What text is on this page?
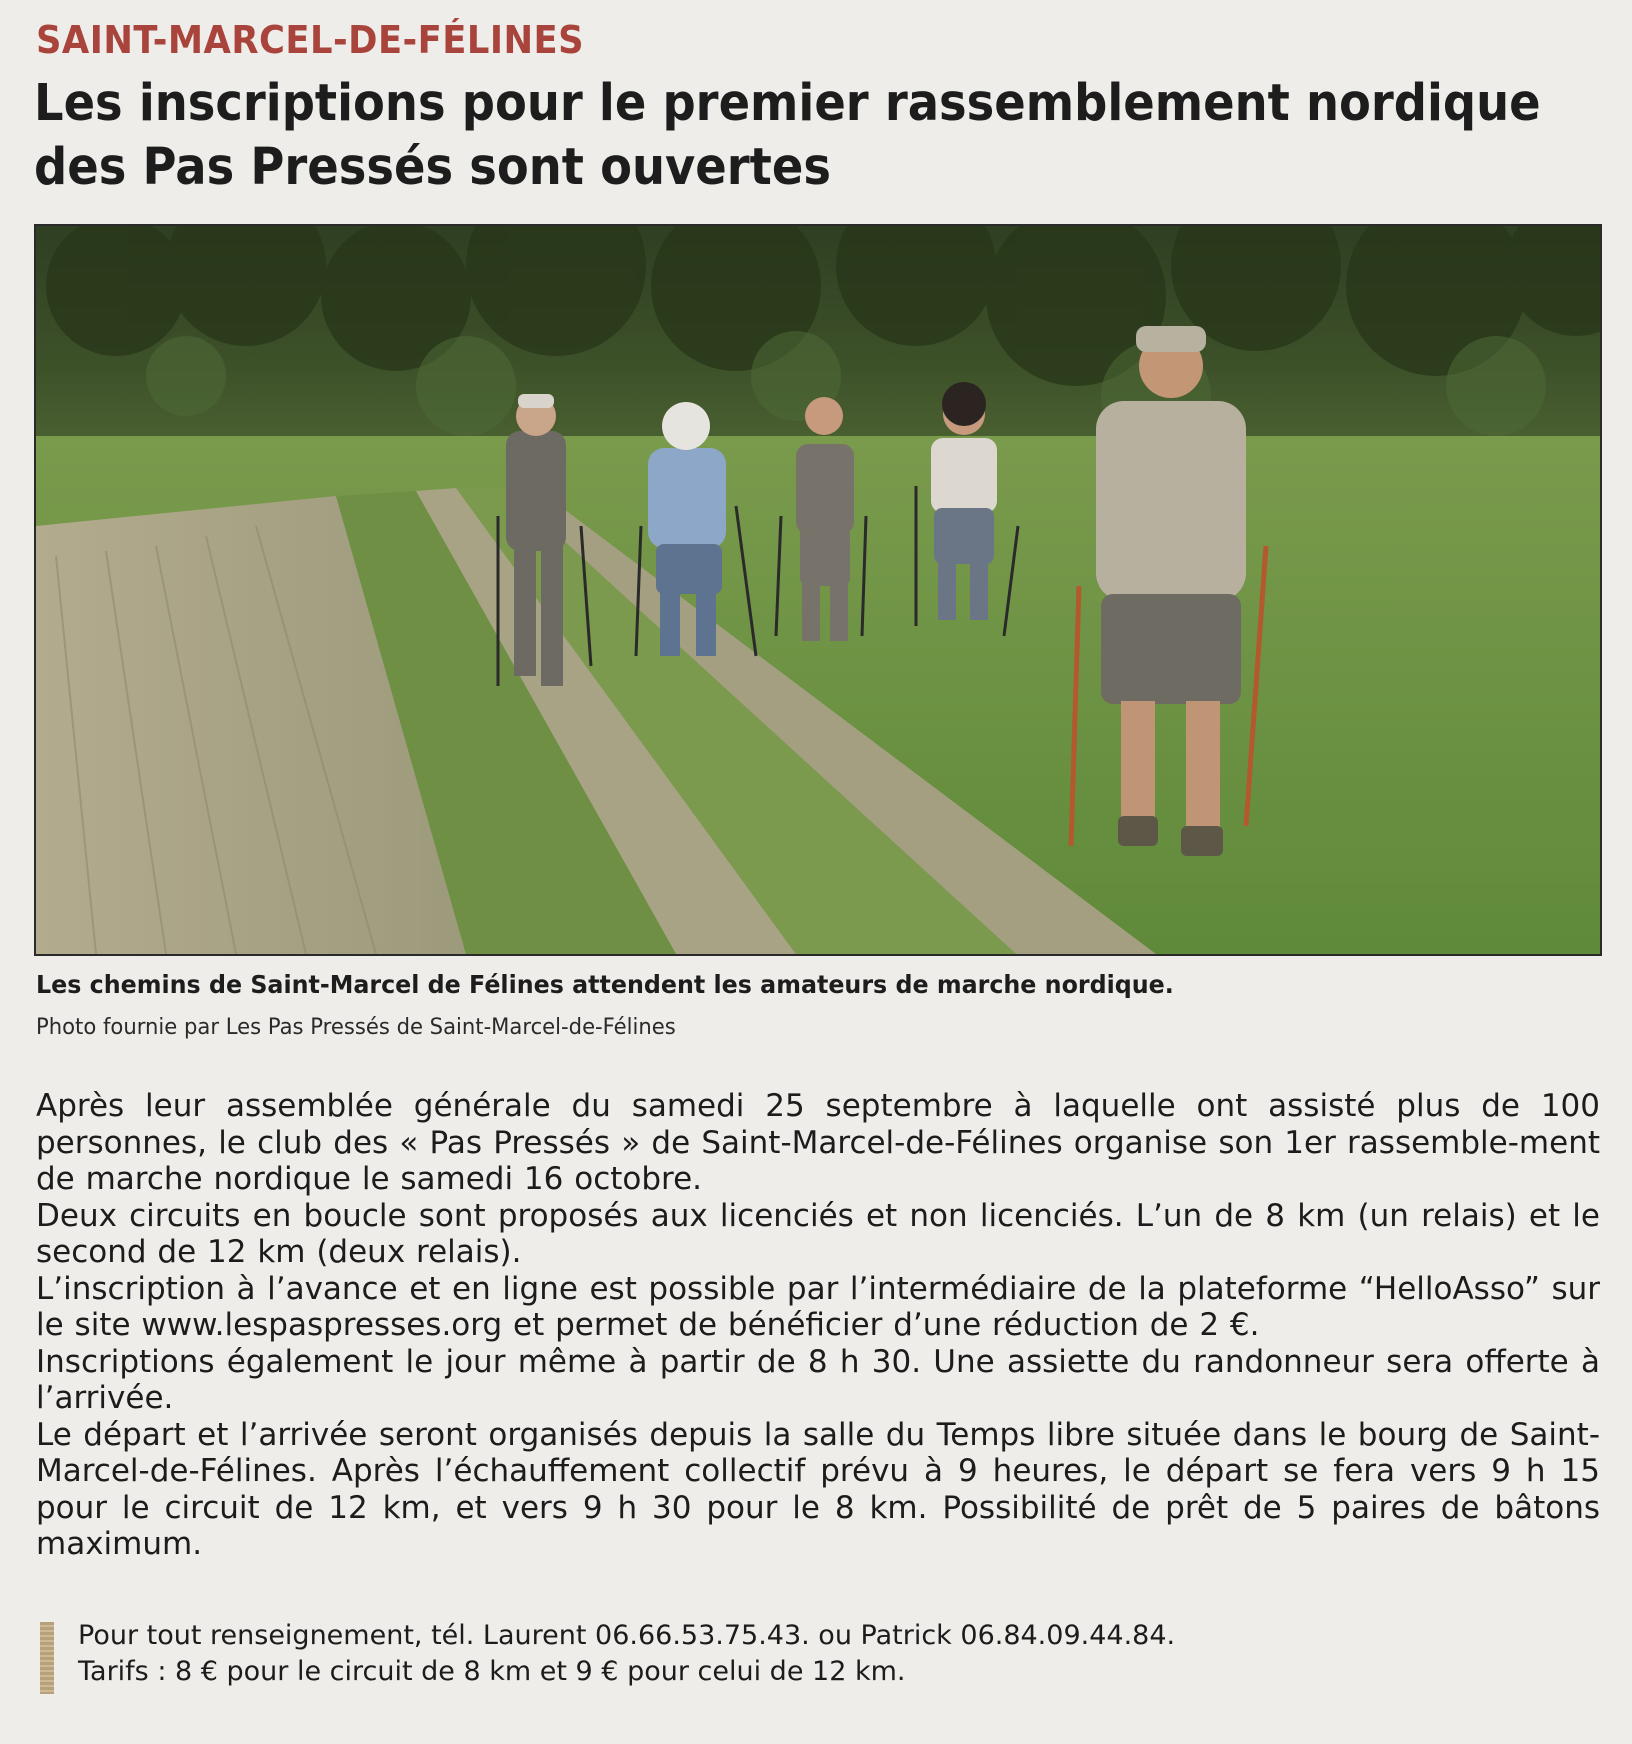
SAINT-MARCEL-DE-FÉLINES
Les inscriptions pour le premier rassemblement nordique
des Pas Pressés sont ouvertes
Les chemins de Saint-Marcel de Félines attendent les amateurs de marche nordique.
Photo fournie par Les Pas Pressés de Saint-Marcel-de-Félines

Après leur assemblée générale du samedi 25 septembre à laquelle ont assisté plus de 100 personnes, le club des « Pas Pressés » de Saint-Marcel-de-Félines organise son 1er rassemble-ment de marche nordique le samedi 16 octobre.

Deux circuits en boucle sont proposés aux licenciés et non licenciés. L’un de 8 km (un relais) et le second de 12 km (deux relais).

L’inscription à l’avance et en ligne est possible par l’intermédiaire de la plateforme “HelloAsso” sur le site www.lespaspresses.org et permet de bénéficier d’une réduction de 2 €.

Inscriptions également le jour même à partir de 8 h 30. Une assiette du randonneur sera offerte à l’arrivée.

Le départ et l’arrivée seront organisés depuis la salle du Temps libre située dans le bourg de Saint-Marcel-de-Félines. Après l’échauffement collectif prévu à 9 heures, le départ se fera vers 9 h 15 pour le circuit de 12 km, et vers 9 h 30 pour le 8 km. Possibilité de prêt de 5 paires de bâtons maximum.

Pour tout renseignement, tél. Laurent 06.66.53.75.43. ou Patrick 06.84.09.44.84.

Tarifs : 8 € pour le circuit de 8 km et 9 € pour celui de 12 km.
